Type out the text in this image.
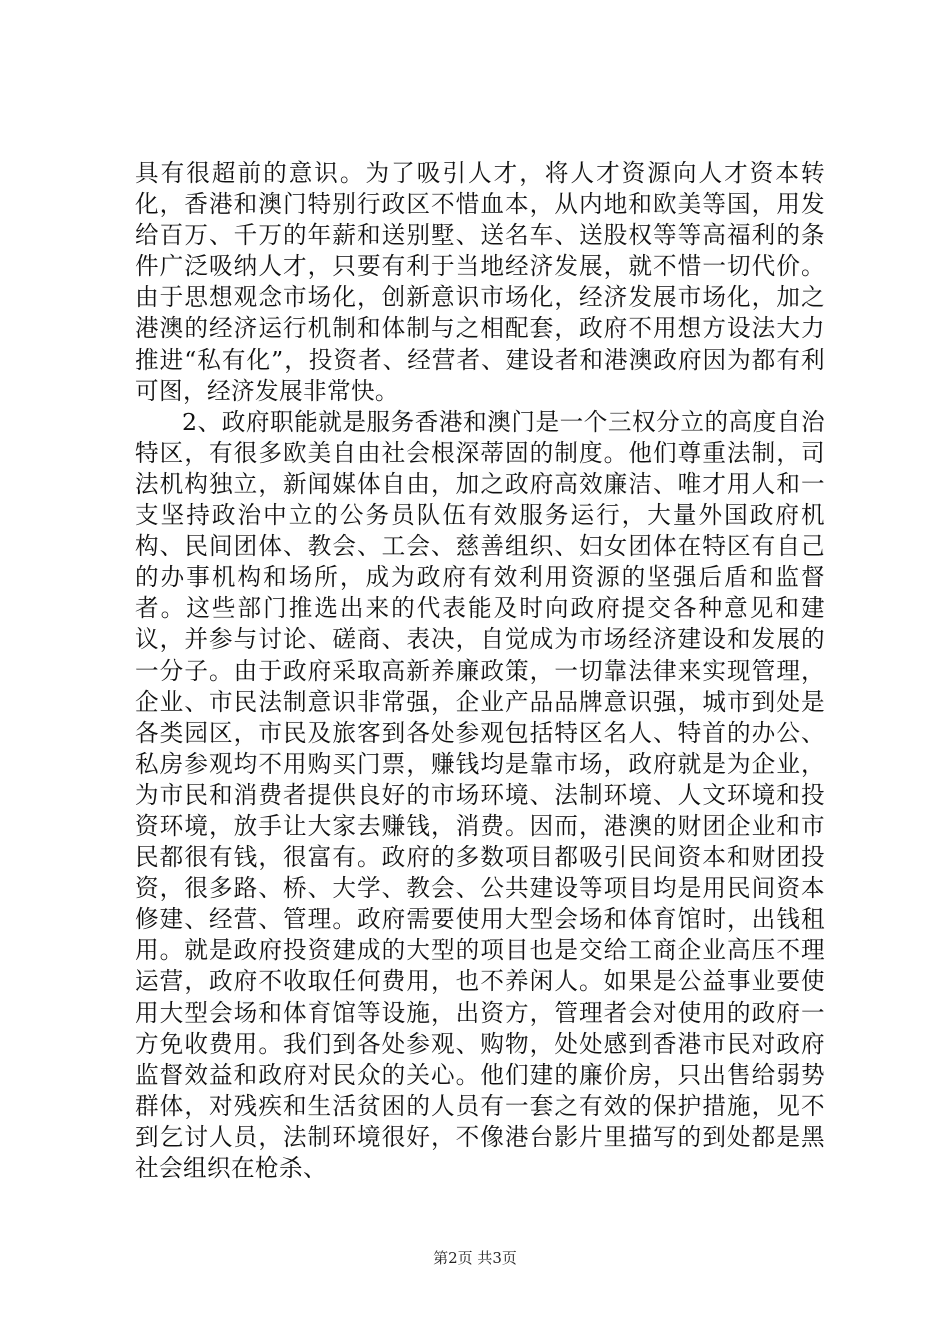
具有很超前的意识。为了吸引人才，将人才资源向人才资本转化，香港和澳门特别行政区不惜血本，从内地和欧美等国，用发给百万、千万的年薪和送别墅、送名车、送股权等等高福利的条件广泛吸纳人才，只要有利于当地经济发展，就不惜一切代价。由于思想观念市场化，创新意识市场化，经济发展市场化，加之港澳的经济运行机制和体制与之相配套，政府不用想方设法大力推进“私有化”，投资者、经营者、建设者和港澳政府因为都有利可图，经济发展非常快。

2、政府职能就是服务香港和澳门是一个三权分立的高度自治特区，有很多欧美自由社会根深蒂固的制度。他们尊重法制，司法机构独立，新闻媒体自由，加之政府高效廉洁、唯才用人和一支坚持政治中立的公务员队伍有效服务运行，大量外国政府机构、民间团体、教会、工会、慈善组织、妇女团体在特区有自己的办事机构和场所，成为政府有效利用资源的坚强后盾和监督者。这些部门推选出来的代表能及时向政府提交各种意见和建议，并参与讨论、磋商、表决，自觉成为市场经济建设和发展的一分子。由于政府采取高新养廉政策，一切靠法律来实现管理，企业、市民法制意识非常强，企业产品品牌意识强，城市到处是各类园区，市民及旅客到各处参观包括特区名人、特首的办公、私房参观均不用购买门票，赚钱均是靠市场，政府就是为企业，为市民和消费者提供良好的市场环境、法制环境、人文环境和投资环境，放手让大家去赚钱，消费。因而，港澳的财团企业和市民都很有钱，很富有。政府的多数项目都吸引民间资本和财团投资，很多路、桥、大学、教会、公共建设等项目均是用民间资本修建、经营、管理。政府需要使用大型会场和体育馆时，出钱租用。就是政府投资建成的大型的项目也是交给工商企业高压不理运营，政府不收取任何费用，也不养闲人。如果是公益事业要使用大型会场和体育馆等设施，出资方，管理者会对使用的政府一方免收费用。我们到各处参观、购物，处处感到香港市民对政府监督效益和政府对民众的关心。他们建的廉价房，只出售给弱势群体，对残疾和生活贫困的人员有一套之有效的保护措施，见不到乞讨人员，法制环境很好，不像港台影片里描写的到处都是黑社会组织在枪杀、

第2页 共3页
